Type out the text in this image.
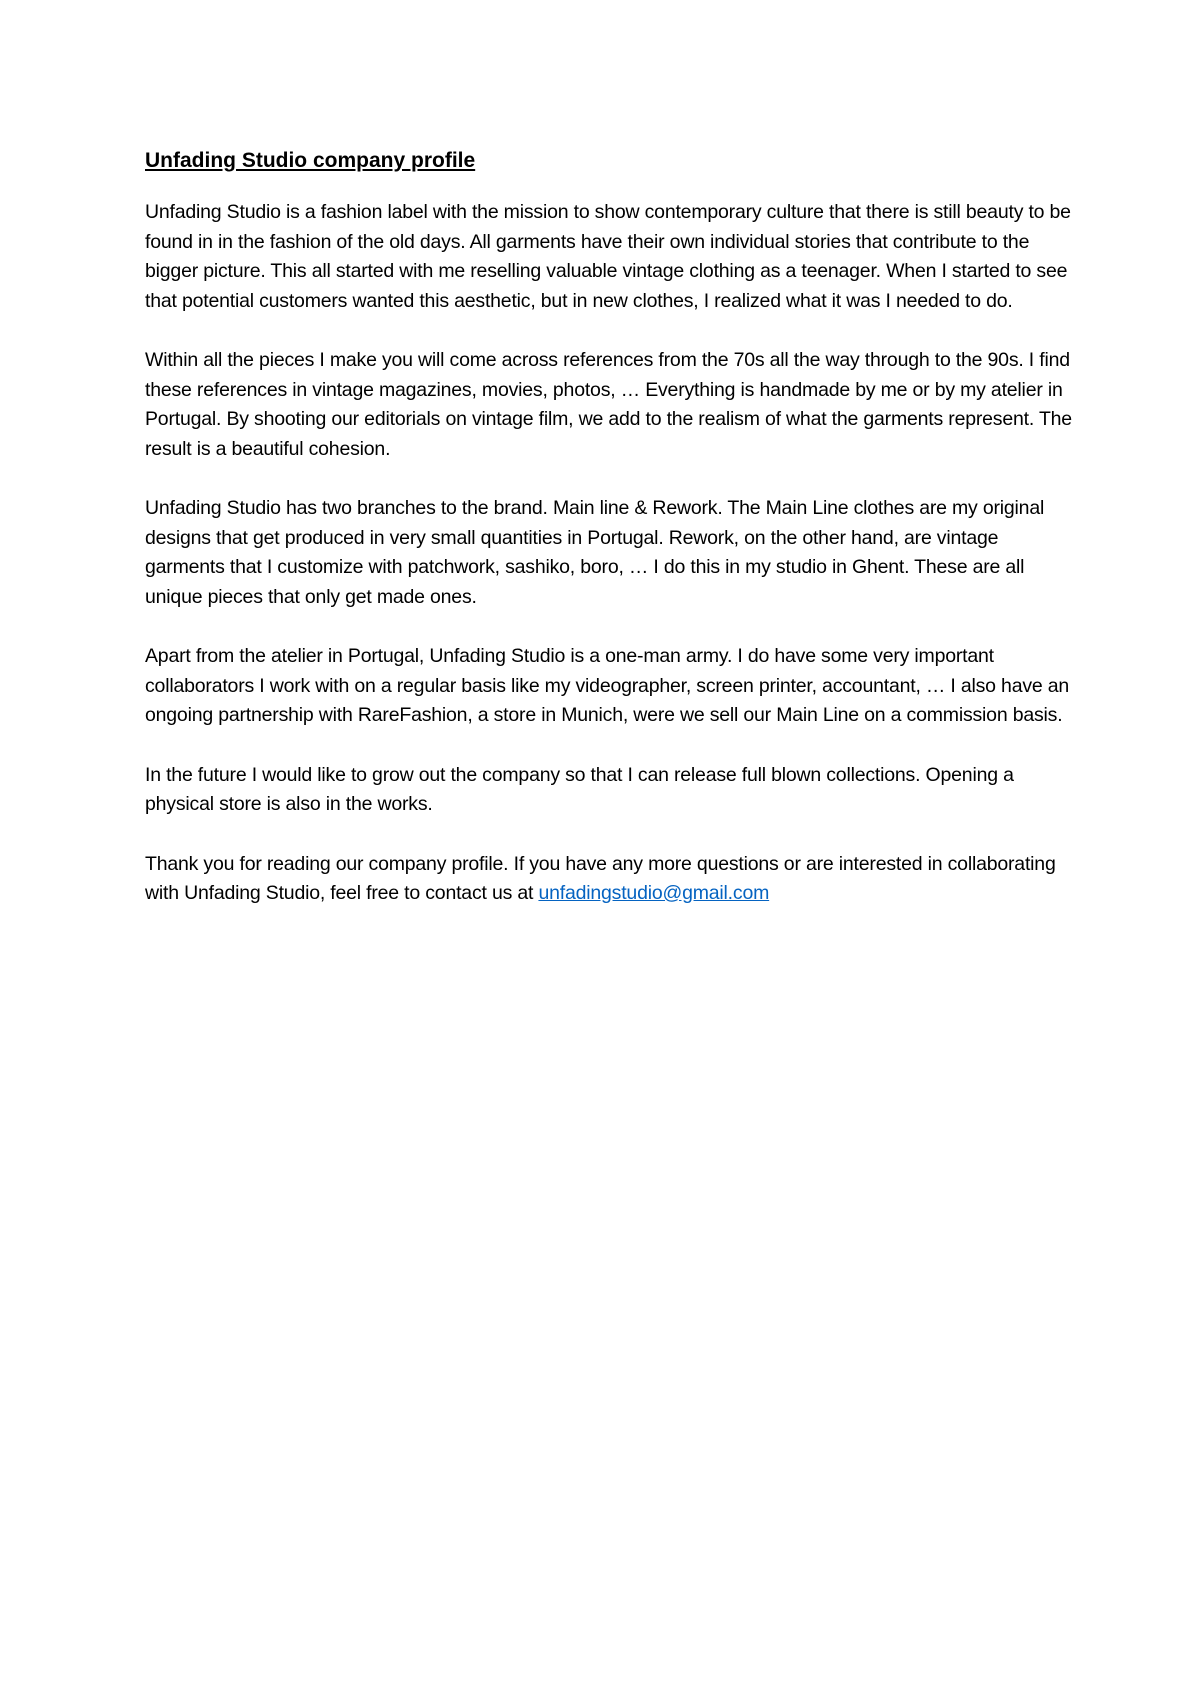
Unfading Studio company profile

Unfading Studio is a fashion label with the mission to show contemporary culture that there is still beauty to be found in in the fashion of the old days. All garments have their own individual stories that contribute to the bigger picture. This all started with me reselling valuable vintage clothing as a teenager. When I started to see that potential customers wanted this aesthetic, but in new clothes, I realized what it was I needed to do.

Within all the pieces I make you will come across references from the 70s all the way through to the 90s. I find these references in vintage magazines, movies, photos, … Everything is handmade by me or by my atelier in Portugal. By shooting our editorials on vintage film, we add to the realism of what the garments represent. The result is a beautiful cohesion.

Unfading Studio has two branches to the brand. Main line & Rework. The Main Line clothes are my original designs that get produced in very small quantities in Portugal. Rework, on the other hand, are vintage garments that I customize with patchwork, sashiko, boro, … I do this in my studio in Ghent. These are all unique pieces that only get made ones.

Apart from the atelier in Portugal, Unfading Studio is a one-man army. I do have some very important collaborators I work with on a regular basis like my videographer, screen printer, accountant, … I also have an ongoing partnership with RareFashion, a store in Munich, were we sell our Main Line on a commission basis.

In the future I would like to grow out the company so that I can release full blown collections. Opening a physical store is also in the works.

Thank you for reading our company profile. If you have any more questions or are interested in collaborating with Unfading Studio, feel free to contact us at unfadingstudio@gmail.com
